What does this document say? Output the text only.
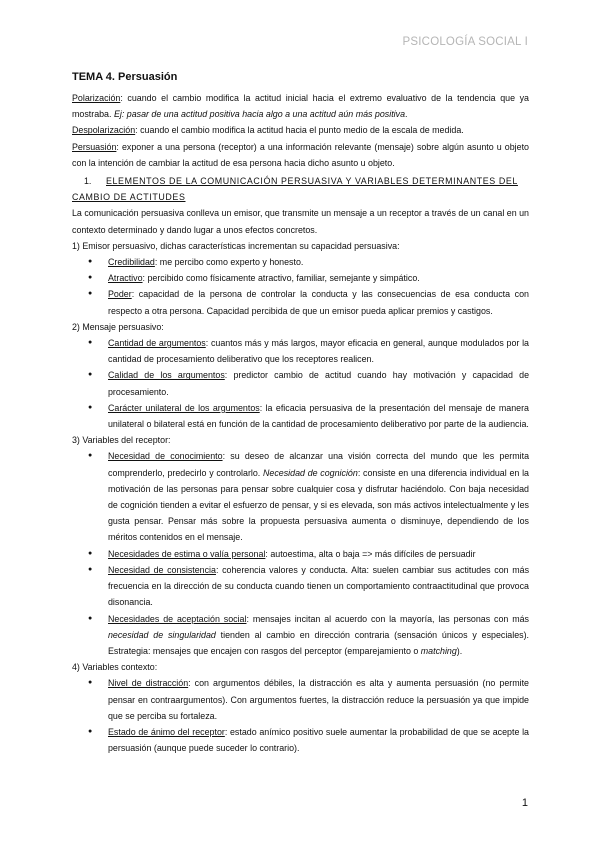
PSICOLOGÍA SOCIAL I
TEMA 4. Persuasión

Polarización: cuando el cambio modifica la actitud inicial hacia el extremo evaluativo de la tendencia que ya mostraba. Ej: pasar de una actitud positiva hacia algo a una actitud aún más positiva.

Despolarización: cuando el cambio modifica la actitud hacia el punto medio de la escala de medida.

Persuasión: exponer a una persona (receptor) a una información relevante (mensaje) sobre algún asunto u objeto con la intención de cambiar la actitud de esa persona hacia dicho asunto u objeto.

1. ELEMENTOS DE LA COMUNICACIÓN PERSUASIVA Y VARIABLES DETERMINANTES DEL CAMBIO DE ACTITUDES

La comunicación persuasiva conlleva un emisor, que transmite un mensaje a un receptor a través de un canal en un contexto determinado y dando lugar a unos efectos concretos.

1) Emisor persuasivo, dichas características incrementan su capacidad persuasiva:
● Credibilidad: me percibo como experto y honesto.
● Atractivo: percibido como físicamente atractivo, familiar, semejante y simpático.
● Poder: capacidad de la persona de controlar la conducta y las consecuencias de esa conducta con respecto a otra persona. Capacidad percibida de que un emisor pueda aplicar premios y castigos.
2) Mensaje persuasivo:
● Cantidad de argumentos: cuantos más y más largos, mayor eficacia en general, aunque modulados por la cantidad de procesamiento deliberativo que los receptores realicen.
● Calidad de los argumentos: predictor cambio de actitud cuando hay motivación y capacidad de procesamiento.
● Carácter unilateral de los argumentos: la eficacia persuasiva de la presentación del mensaje de manera unilateral o bilateral está en función de la cantidad de procesamiento deliberativo por parte de la audiencia.
3) Variables del receptor:
● Necesidad de conocimiento: su deseo de alcanzar una visión correcta del mundo que les permita comprenderlo, predecirlo y controlarlo. Necesidad de cognición: consiste en una diferencia individual en la motivación de las personas para pensar sobre cualquier cosa y disfrutar haciéndolo. Con baja necesidad de cognición tienden a evitar el esfuerzo de pensar, y si es elevada, son más activos intelectualmente y les gusta pensar. Pensar más sobre la propuesta persuasiva aumenta o disminuye, dependiendo de los méritos contenidos en el mensaje.
● Necesidades de estima o valía personal: autoestima, alta o baja => más difíciles de persuadir
● Necesidad de consistencia: coherencia valores y conducta. Alta: suelen cambiar sus actitudes con más frecuencia en la dirección de su conducta cuando tienen un comportamiento contraactitudinal que provoca disonancia.
● Necesidades de aceptación social: mensajes incitan al acuerdo con la mayoría, las personas con más necesidad de singularidad tienden al cambio en dirección contraria (sensación únicos y especiales). Estrategia: mensajes que encajen con rasgos del perceptor (emparejamiento o matching).
4) Variables contexto:
● Nivel de distracción: con argumentos débiles, la distracción es alta y aumenta persuasión (no permite pensar en contraargumentos). Con argumentos fuertes, la distracción reduce la persuasión ya que impide que se perciba su fortaleza.
● Estado de ánimo del receptor: estado anímico positivo suele aumentar la probabilidad de que se acepte la persuasión (aunque puede suceder lo contrario).
1
